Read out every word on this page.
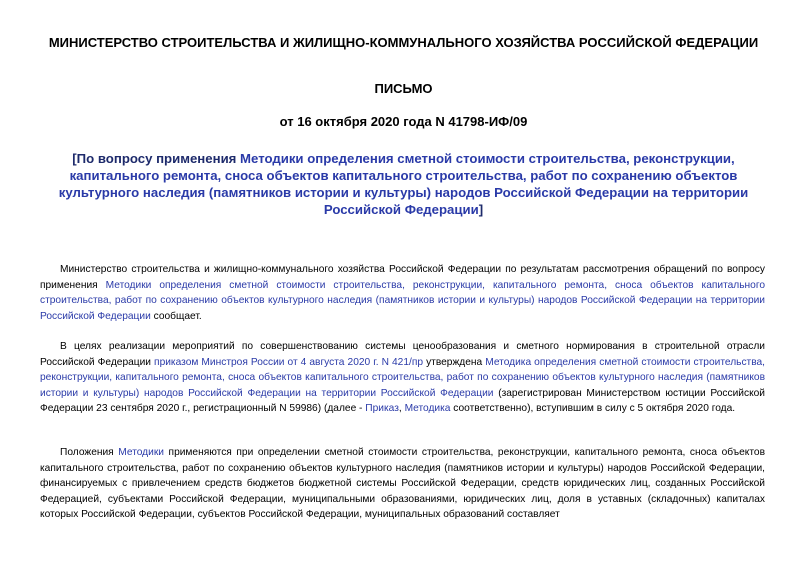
МИНИСТЕРСТВО СТРОИТЕЛЬСТВА И ЖИЛИЩНО-КОММУНАЛЬНОГО ХОЗЯЙСТВА РОССИЙСКОЙ ФЕДЕРАЦИИ
ПИСЬМО
от 16 октября 2020 года N 41798-ИФ/09
[По вопросу применения Методики определения сметной стоимости строительства, реконструкции, капитального ремонта, сноса объектов капитального строительства, работ по сохранению объектов культурного наследия (памятников истории и культуры) народов Российской Федерации на территории Российской Федерации]
Министерство строительства и жилищно-коммунального хозяйства Российской Федерации по результатам рассмотрения обращений по вопросу применения Методики определения сметной стоимости строительства, реконструкции, капитального ремонта, сноса объектов капитального строительства, работ по сохранению объектов культурного наследия (памятников истории и культуры) народов Российской Федерации на территории Российской Федерации сообщает.
В целях реализации мероприятий по совершенствованию системы ценообразования и сметного нормирования в строительной отрасли Российской Федерации приказом Минстроя России от 4 августа 2020 г. N 421/пр утверждена Методика определения сметной стоимости строительства, реконструкции, капитального ремонта, сноса объектов капитального строительства, работ по сохранению объектов культурного наследия (памятников истории и культуры) народов Российской Федерации на территории Российской Федерации (зарегистрирован Министерством юстиции Российской Федерации 23 сентября 2020 г., регистрационный N 59986) (далее - Приказ, Методика соответственно), вступившим в силу с 5 октября 2020 года.
Положения Методики применяются при определении сметной стоимости строительства, реконструкции, капитального ремонта, сноса объектов капитального строительства, работ по сохранению объектов культурного наследия (памятников истории и культуры) народов Российской Федерации, финансируемых с привлечением средств бюджетов бюджетной системы Российской Федерации, средств юридических лиц, созданных Российской Федерацией, субъектами Российской Федерации, муниципальными образованиями, юридических лиц, доля в уставных (складочных) капиталах которых Российской Федерации, субъектов Российской Федерации, муниципальных образований составляет
